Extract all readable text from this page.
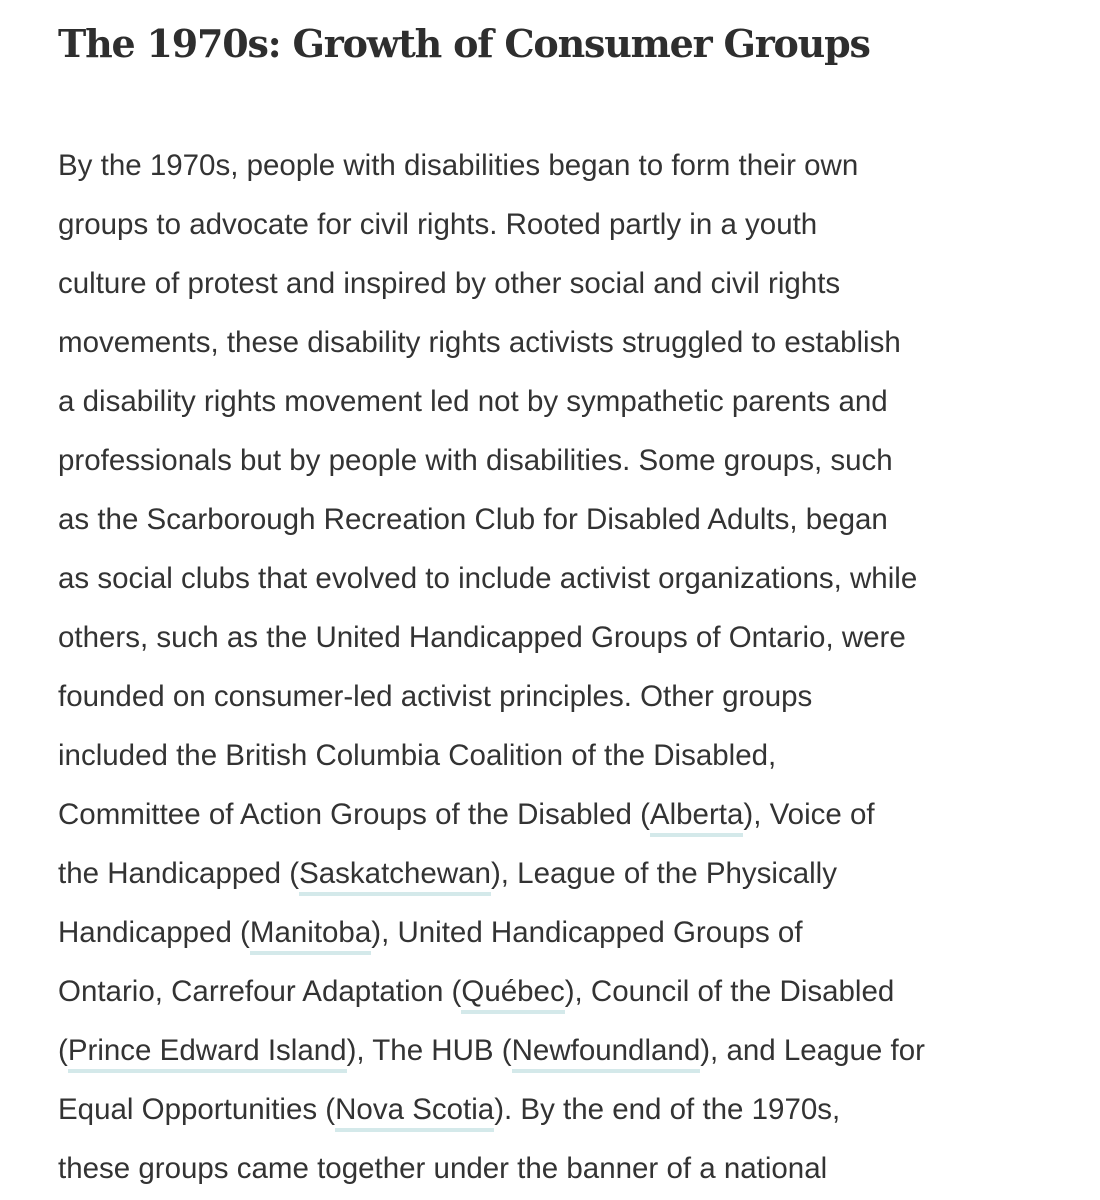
The 1970s: Growth of Consumer Groups
By the 1970s, people with disabilities began to form their own
groups to advocate for civil rights. Rooted partly in a youth
culture of protest and inspired by other social and civil rights
movements, these disability rights activists struggled to establish
a disability rights movement led not by sympathetic parents and
professionals but by people with disabilities. Some groups, such
as the Scarborough Recreation Club for Disabled Adults, began
as social clubs that evolved to include activist organizations, while
others, such as the United Handicapped Groups of Ontario, were
founded on consumer-led activist principles. Other groups
included the British Columbia Coalition of the Disabled,
Committee of Action Groups of the Disabled (Alberta), Voice of
the Handicapped (Saskatchewan), League of the Physically
Handicapped (Manitoba), United Handicapped Groups of
Ontario, Carrefour Adaptation (Québec), Council of the Disabled
(Prince Edward Island), The HUB (Newfoundland), and League for
Equal Opportunities (Nova Scotia). By the end of the 1970s,
these groups came together under the banner of a national
